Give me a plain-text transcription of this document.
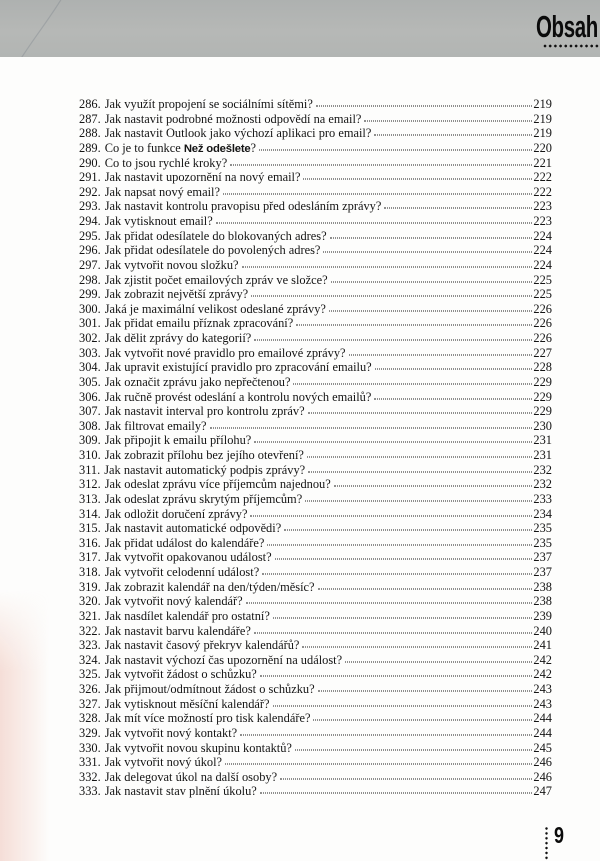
Obsah
286. Jak využít propojení se sociálními sítěmi?	219
287. Jak nastavit podrobné možnosti odpovědí na email?	219
288. Jak nastavit Outlook jako výchozí aplikaci pro email?	219
289. Co je to funkce Než odešlete?	220
290. Co to jsou rychlé kroky?	221
291. Jak nastavit upozornění na nový email?	222
292. Jak napsat nový email?	222
293. Jak nastavit kontrolu pravopisu před odesláním zprávy?	223
294. Jak vytisknout email?	223
295. Jak přidat odesílatele do blokovaných adres?	224
296. Jak přidat odesílatele do povolených adres?	224
297. Jak vytvořit novou složku?	224
298. Jak zjistit počet emailových zpráv ve složce?	225
299. Jak zobrazit největší zprávy?	225
300. Jaká je maximální velikost odeslané zprávy?	226
301. Jak přidat emailu příznak zpracování?	226
302. Jak dělit zprávy do kategorií?	226
303. Jak vytvořit nové pravidlo pro emailové zprávy?	227
304. Jak upravit existující pravidlo pro zpracování emailu?	228
305. Jak označit zprávu jako nepřečtenou?	229
306. Jak ručně provést odeslání a kontrolu nových emailů?	229
307. Jak nastavit interval pro kontrolu zpráv?	229
308. Jak filtrovat emaily?	230
309. Jak připojit k emailu přílohu?	231
310. Jak zobrazit přílohu bez jejího otevření?	231
311. Jak nastavit automatický podpis zprávy?	232
312. Jak odeslat zprávu více příjemcům najednou?	232
313. Jak odeslat zprávu skrytým příjemcům?	233
314. Jak odložit doručení zprávy?	234
315. Jak nastavit automatické odpovědi?	235
316. Jak přidat událost do kalendáře?	235
317. Jak vytvořit opakovanou událost?	237
318. Jak vytvořit celodenní událost?	237
319. Jak zobrazit kalendář na den/týden/měsíc?	238
320. Jak vytvořit nový kalendář?	238
321. Jak nasdílet kalendář pro ostatní?	239
322. Jak nastavit barvu kalendáře?	240
323. Jak nastavit časový překryv kalendářů?	241
324. Jak nastavit výchozí čas upozornění na událost?	242
325. Jak vytvořit žádost o schůzku?	242
326. Jak přijmout/odmítnout žádost o schůzku?	243
327. Jak vytisknout měsíční kalendář?	243
328. Jak mít více možností pro tisk kalendáře?	244
329. Jak vytvořit nový kontakt?	244
330. Jak vytvořit novou skupinu kontaktů?	245
331. Jak vytvořit nový úkol?	246
332. Jak delegovat úkol na další osoby?	246
333. Jak nastavit stav plnění úkolu?	247
9
